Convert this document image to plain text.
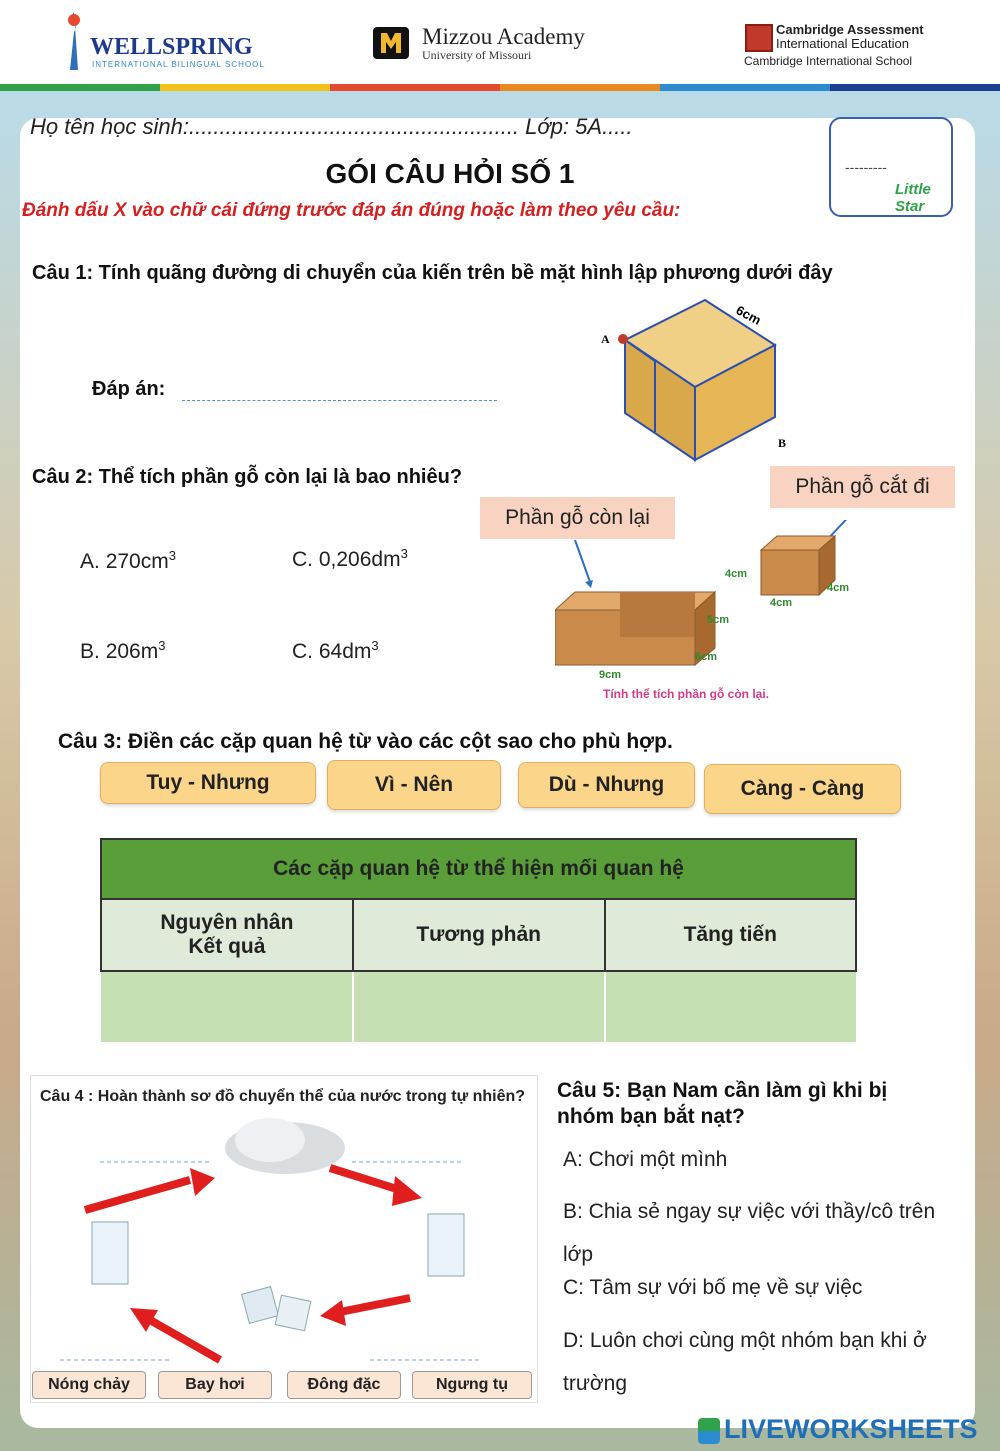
WELLSPRING
INTERNATIONAL BILINGUAL SCHOOL
Mizzou Academy
University of Missouri
Cambridge Assessment
International Education
Cambridge International School
Họ tên học sinh:...................................................... Lớp: 5A.....
GÓI CÂU HỎI SỐ 1	---------
Little Star
Đánh dấu X vào chữ cái đứng trước đáp án đúng hoặc làm theo yêu cầu:
Câu 1: Tính quãng đường di chuyển của kiến trên bề mặt hình lập phương dưới đây
Đáp án:
A
B
6cm
Câu 2: Thể tích phần gỗ còn lại là bao nhiêu?
A. $270cm^3$	C. $0,206dm^3$
B. $206m^3$	C. $64dm^3$
Phần gỗ còn lại
Phần gỗ cắt đi
4cm
4cm
4cm
5cm
6cm
9cm
Tính thể tích phần gỗ còn lại.
Câu 3: Điền các cặp quan hệ từ vào các cột sao cho phù hợp.
Tuy - Nhưng	Vì - Nên	Dù - Nhưng	Càng - Càng
Các cặp quan hệ từ thể hiện mối quan hệ		
Nguyên nhân
Kết quả	Tương phản	Tăng tiến

Câu 4 : Hoàn thành sơ đồ chuyển thể của nước trong tự nhiên?
Nóng chảy	Bay hơi	Đông đặc	Ngưng tụ
Câu 5: Bạn Nam cần làm gì khi bị nhóm bạn bắt nạt?
A: Chơi một mình
B: Chia sẻ ngay sự việc với thầy/cô trên lớp
C: Tâm sự với bố mẹ về sự việc
D: Luôn chơi cùng một nhóm bạn khi ở trường
LIVEWORKSHEETS
